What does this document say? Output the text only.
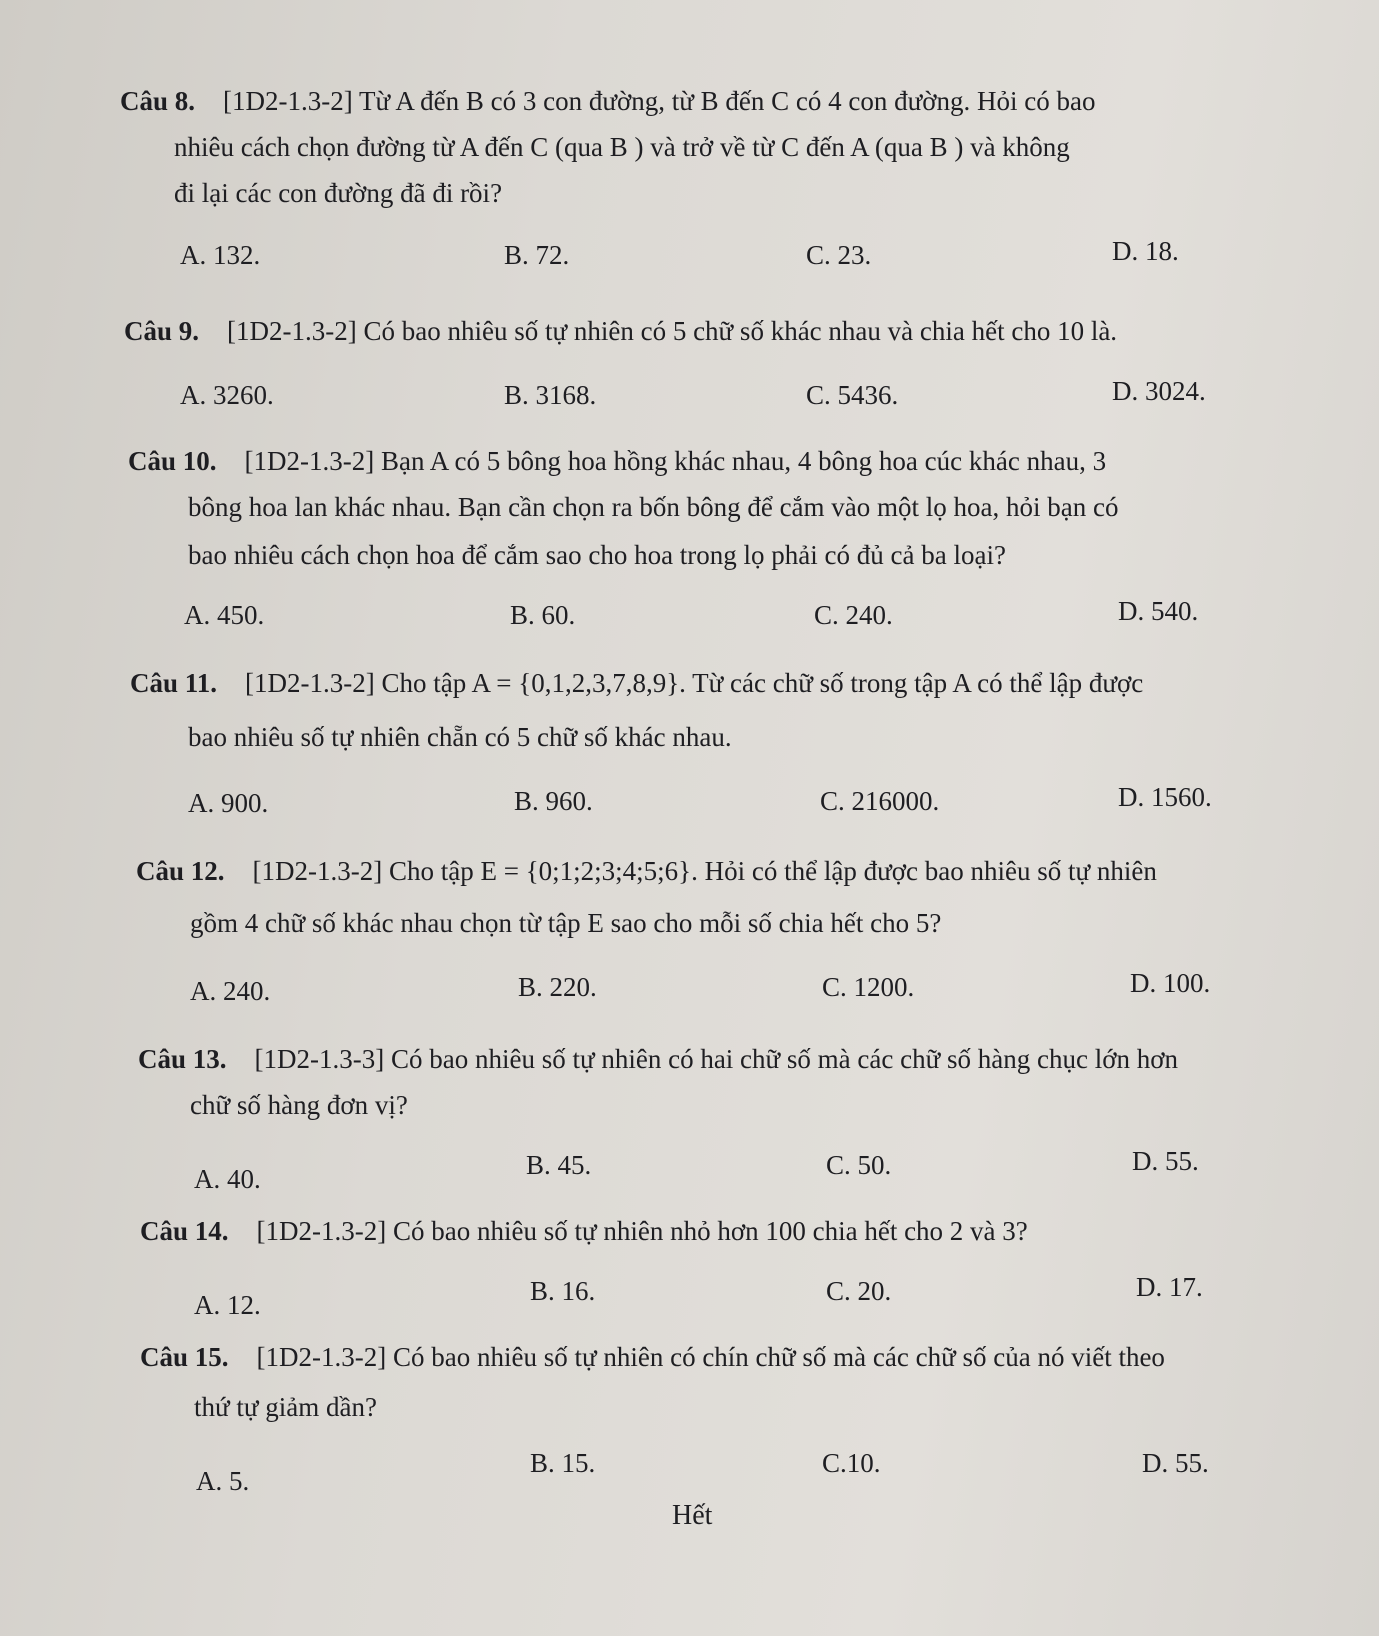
Câu 8. [1D2-1.3-2] Từ A đến B có 3 con đường, từ B đến C có 4 con đường. Hỏi có bao
nhiêu cách chọn đường từ A đến C (qua B ) và trở về từ C đến A (qua B ) và không
đi lại các con đường đã đi rồi?
A. 132.	B. 72.	C. 23.	D. 18.
Câu 9. [1D2-1.3-2] Có bao nhiêu số tự nhiên có 5 chữ số khác nhau và chia hết cho 10 là.
A. 3260.	B. 3168.	C. 5436.	D. 3024.
Câu 10. [1D2-1.3-2] Bạn A có 5 bông hoa hồng khác nhau, 4 bông hoa cúc khác nhau, 3
bông hoa lan khác nhau. Bạn cần chọn ra bốn bông để cắm vào một lọ hoa, hỏi bạn có
bao nhiêu cách chọn hoa để cắm sao cho hoa trong lọ phải có đủ cả ba loại?
A. 450.	B. 60.	C. 240.	D. 540.
Câu 11. [1D2-1.3-2] Cho tập A = {0,1,2,3,7,8,9}. Từ các chữ số trong tập A có thể lập được
bao nhiêu số tự nhiên chẵn có 5 chữ số khác nhau.
A. 900.	B. 960.	C. 216000.	D. 1560.
Câu 12. [1D2-1.3-2] Cho tập E = {0;1;2;3;4;5;6}. Hỏi có thể lập được bao nhiêu số tự nhiên
gồm 4 chữ số khác nhau chọn từ tập E sao cho mỗi số chia hết cho 5?
A. 240.	B. 220.	C. 1200.	D. 100.
Câu 13. [1D2-1.3-3] Có bao nhiêu số tự nhiên có hai chữ số mà các chữ số hàng chục lớn hơn
chữ số hàng đơn vị?
A. 40.	B. 45.	C. 50.	D. 55.
Câu 14. [1D2-1.3-2] Có bao nhiêu số tự nhiên nhỏ hơn 100 chia hết cho 2 và 3?
A. 12.	B. 16.	C. 20.	D. 17.
Câu 15. [1D2-1.3-2] Có bao nhiêu số tự nhiên có chín chữ số mà các chữ số của nó viết theo
thứ tự giảm dần?
A. 5.
B. 15.	C.10.	D. 55.
Hết
